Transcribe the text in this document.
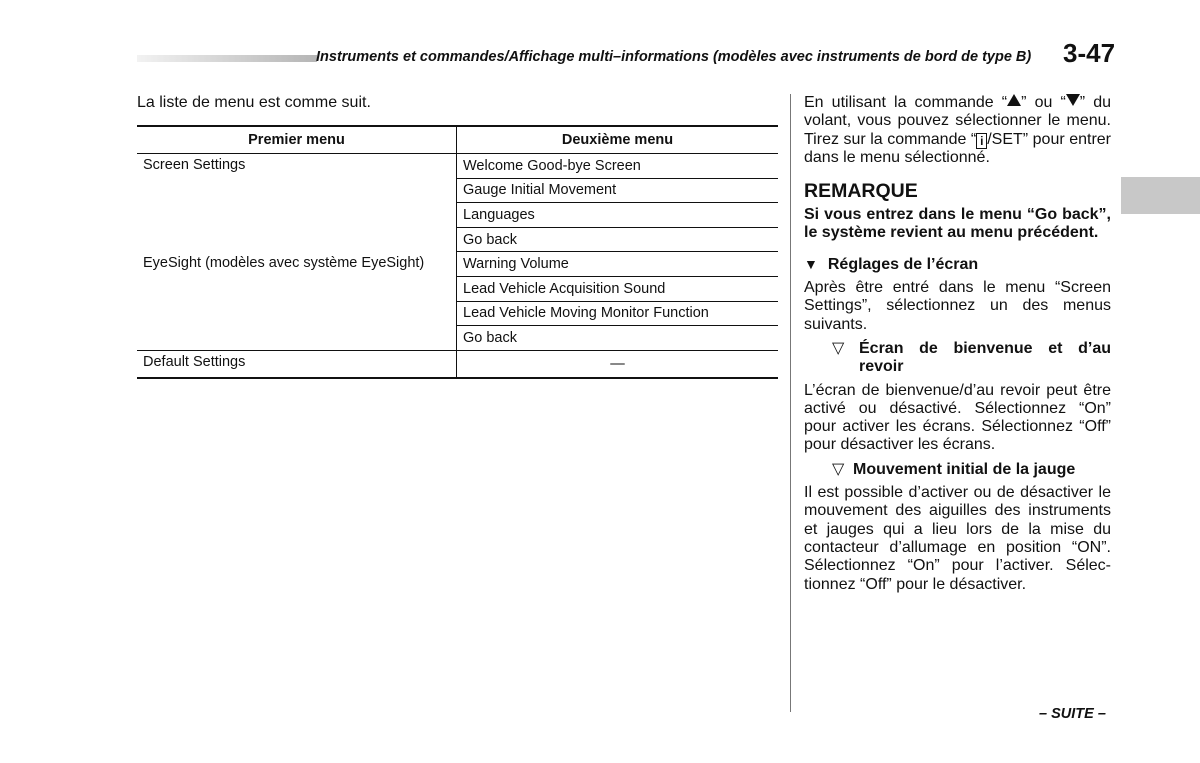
Instruments et commandes/Affichage multi–informations (modèles avec instruments de bord de type B) 3-47
La liste de menu est comme suit.
Premier menu	Deuxième menu
Screen Settings	Welcome Good-bye Screen
	Gauge Initial Movement
	Languages
	Go back
EyeSight (modèles avec système EyeSight)	Warning Volume
	Lead Vehicle Acquisition Sound
	Lead Vehicle Moving Monitor Function
	Go back
Default Settings	—

En utilisant la commande “ ” ou “ ” du volant, vous pouvez sélectionner le menu. Tirez sur la commande “ i /SET” pour entrer dans le menu sélectionné.

REMARQUE

Si vous entrez dans le menu “Go back”, le système revient au menu précédent.

▼ Réglages de l’écran

Après être entré dans le menu “Screen Settings”, sélectionnez un des menus suivants.

▽ Écran de bienvenue et d’au revoir

L’écran de bienvenue/d’au revoir peut être activé ou désactivé. Sélectionnez “On” pour activer les écrans. Sélectionnez “Off” pour désactiver les écrans.

▽ Mouvement initial de la jauge

Il est possible d’activer ou de désactiver le mouvement des aiguilles des instruments et jauges qui a lieu lors de la mise du contacteur d’allumage en position “ON”. Sélectionnez “On” pour l’activer. Sélec-tionnez “Off” pour le désactiver.

– SUITE –
